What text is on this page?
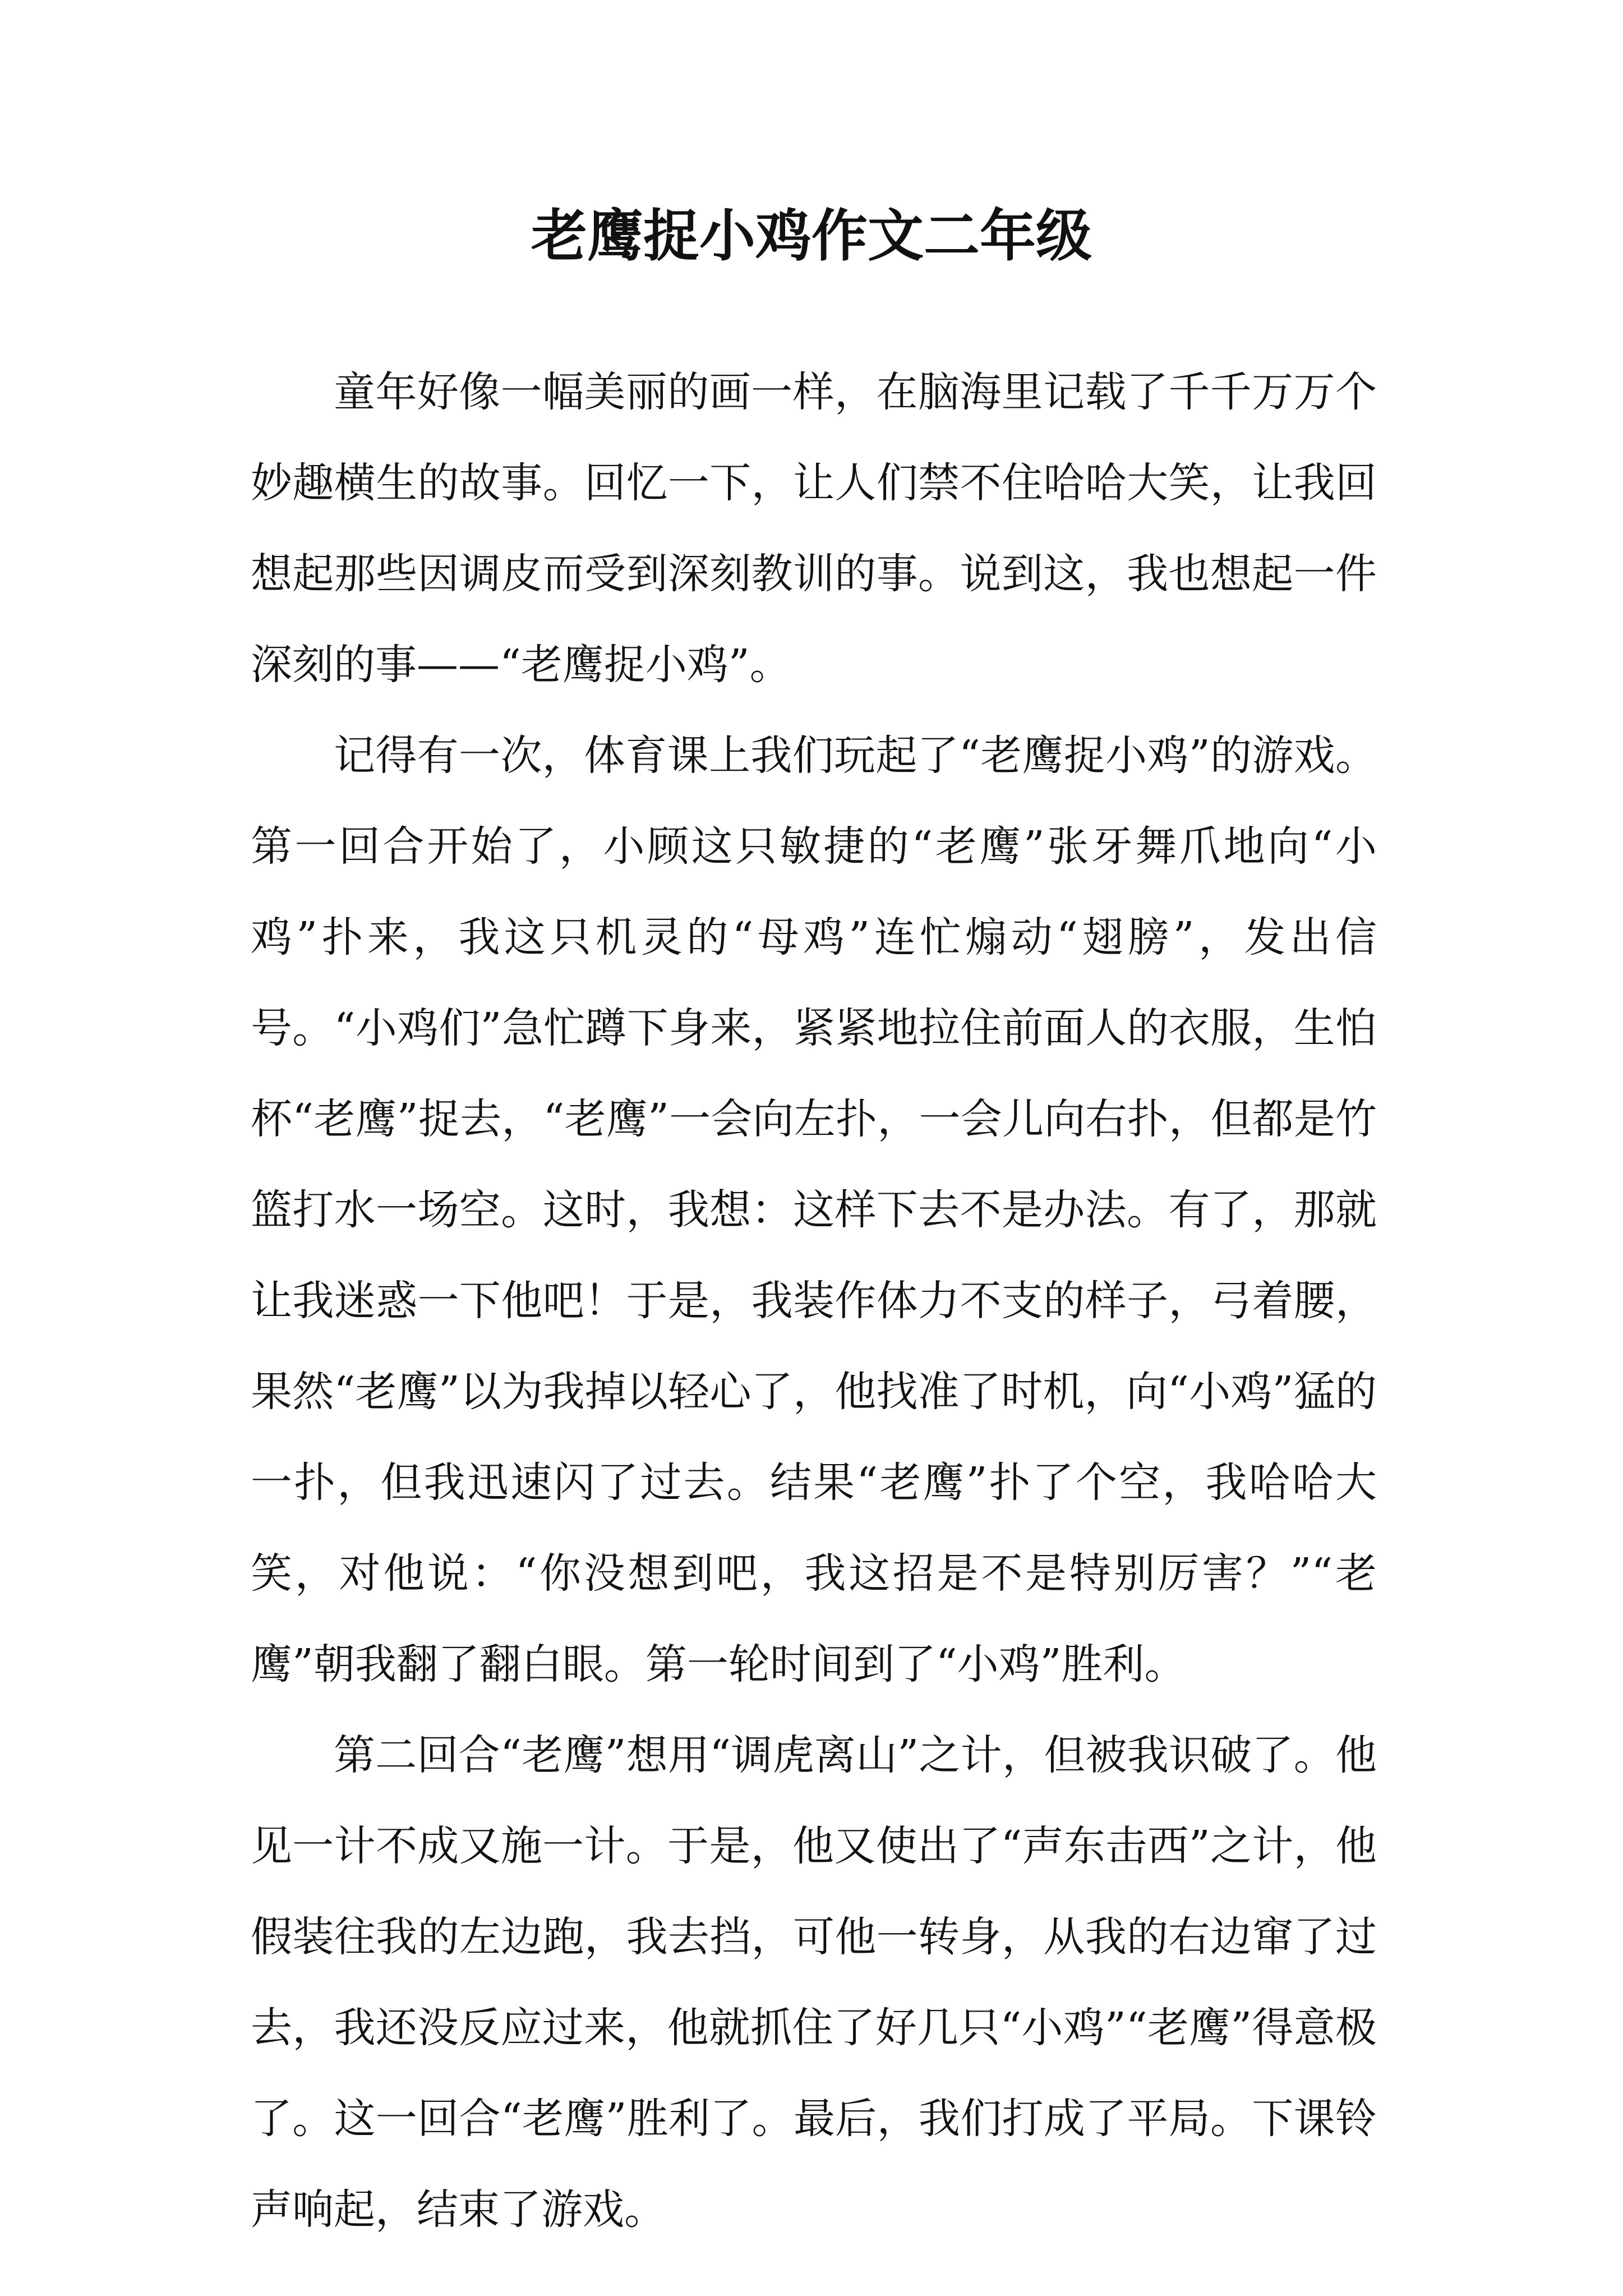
老鹰捉小鸡作文二年级

童年好像一幅美丽的画一样，在脑海里记载了千千万万个妙趣横生的故事。回忆一下，让人们禁不住哈哈大笑，让我回想起那些因调皮而受到深刻教训的事。说到这，我也想起一件深刻的事——“老鹰捉小鸡”。

记得有一次，体育课上我们玩起了“老鹰捉小鸡”的游戏。第一回合开始了，小顾这只敏捷的“老鹰”张牙舞爪地向“小鸡”扑来，我这只机灵的“母鸡”连忙煽动“翅膀”，发出信号。“小鸡们”急忙蹲下身来，紧紧地拉住前面人的衣服，生怕杯“老鹰”捉去，“老鹰”一会向左扑，一会儿向右扑，但都是竹篮打水一场空。这时，我想：这样下去不是办法。有了，那就让我迷惑一下他吧！于是，我装作体力不支的样子，弓着腰，果然“老鹰”以为我掉以轻心了，他找准了时机，向“小鸡”猛的一扑，但我迅速闪了过去。结果“老鹰”扑了个空，我哈哈大笑，对他说：“你没想到吧，我这招是不是特别厉害？”“老鹰”朝我翻了翻白眼。第一轮时间到了“小鸡”胜利。

第二回合“老鹰”想用“调虎离山”之计，但被我识破了。他见一计不成又施一计。于是，他又使出了“声东击西”之计，他假装往我的左边跑，我去挡，可他一转身，从我的右边窜了过去，我还没反应过来，他就抓住了好几只“小鸡”“老鹰”得意极了。这一回合“老鹰”胜利了。最后，我们打成了平局。下课铃声响起，结束了游戏。
